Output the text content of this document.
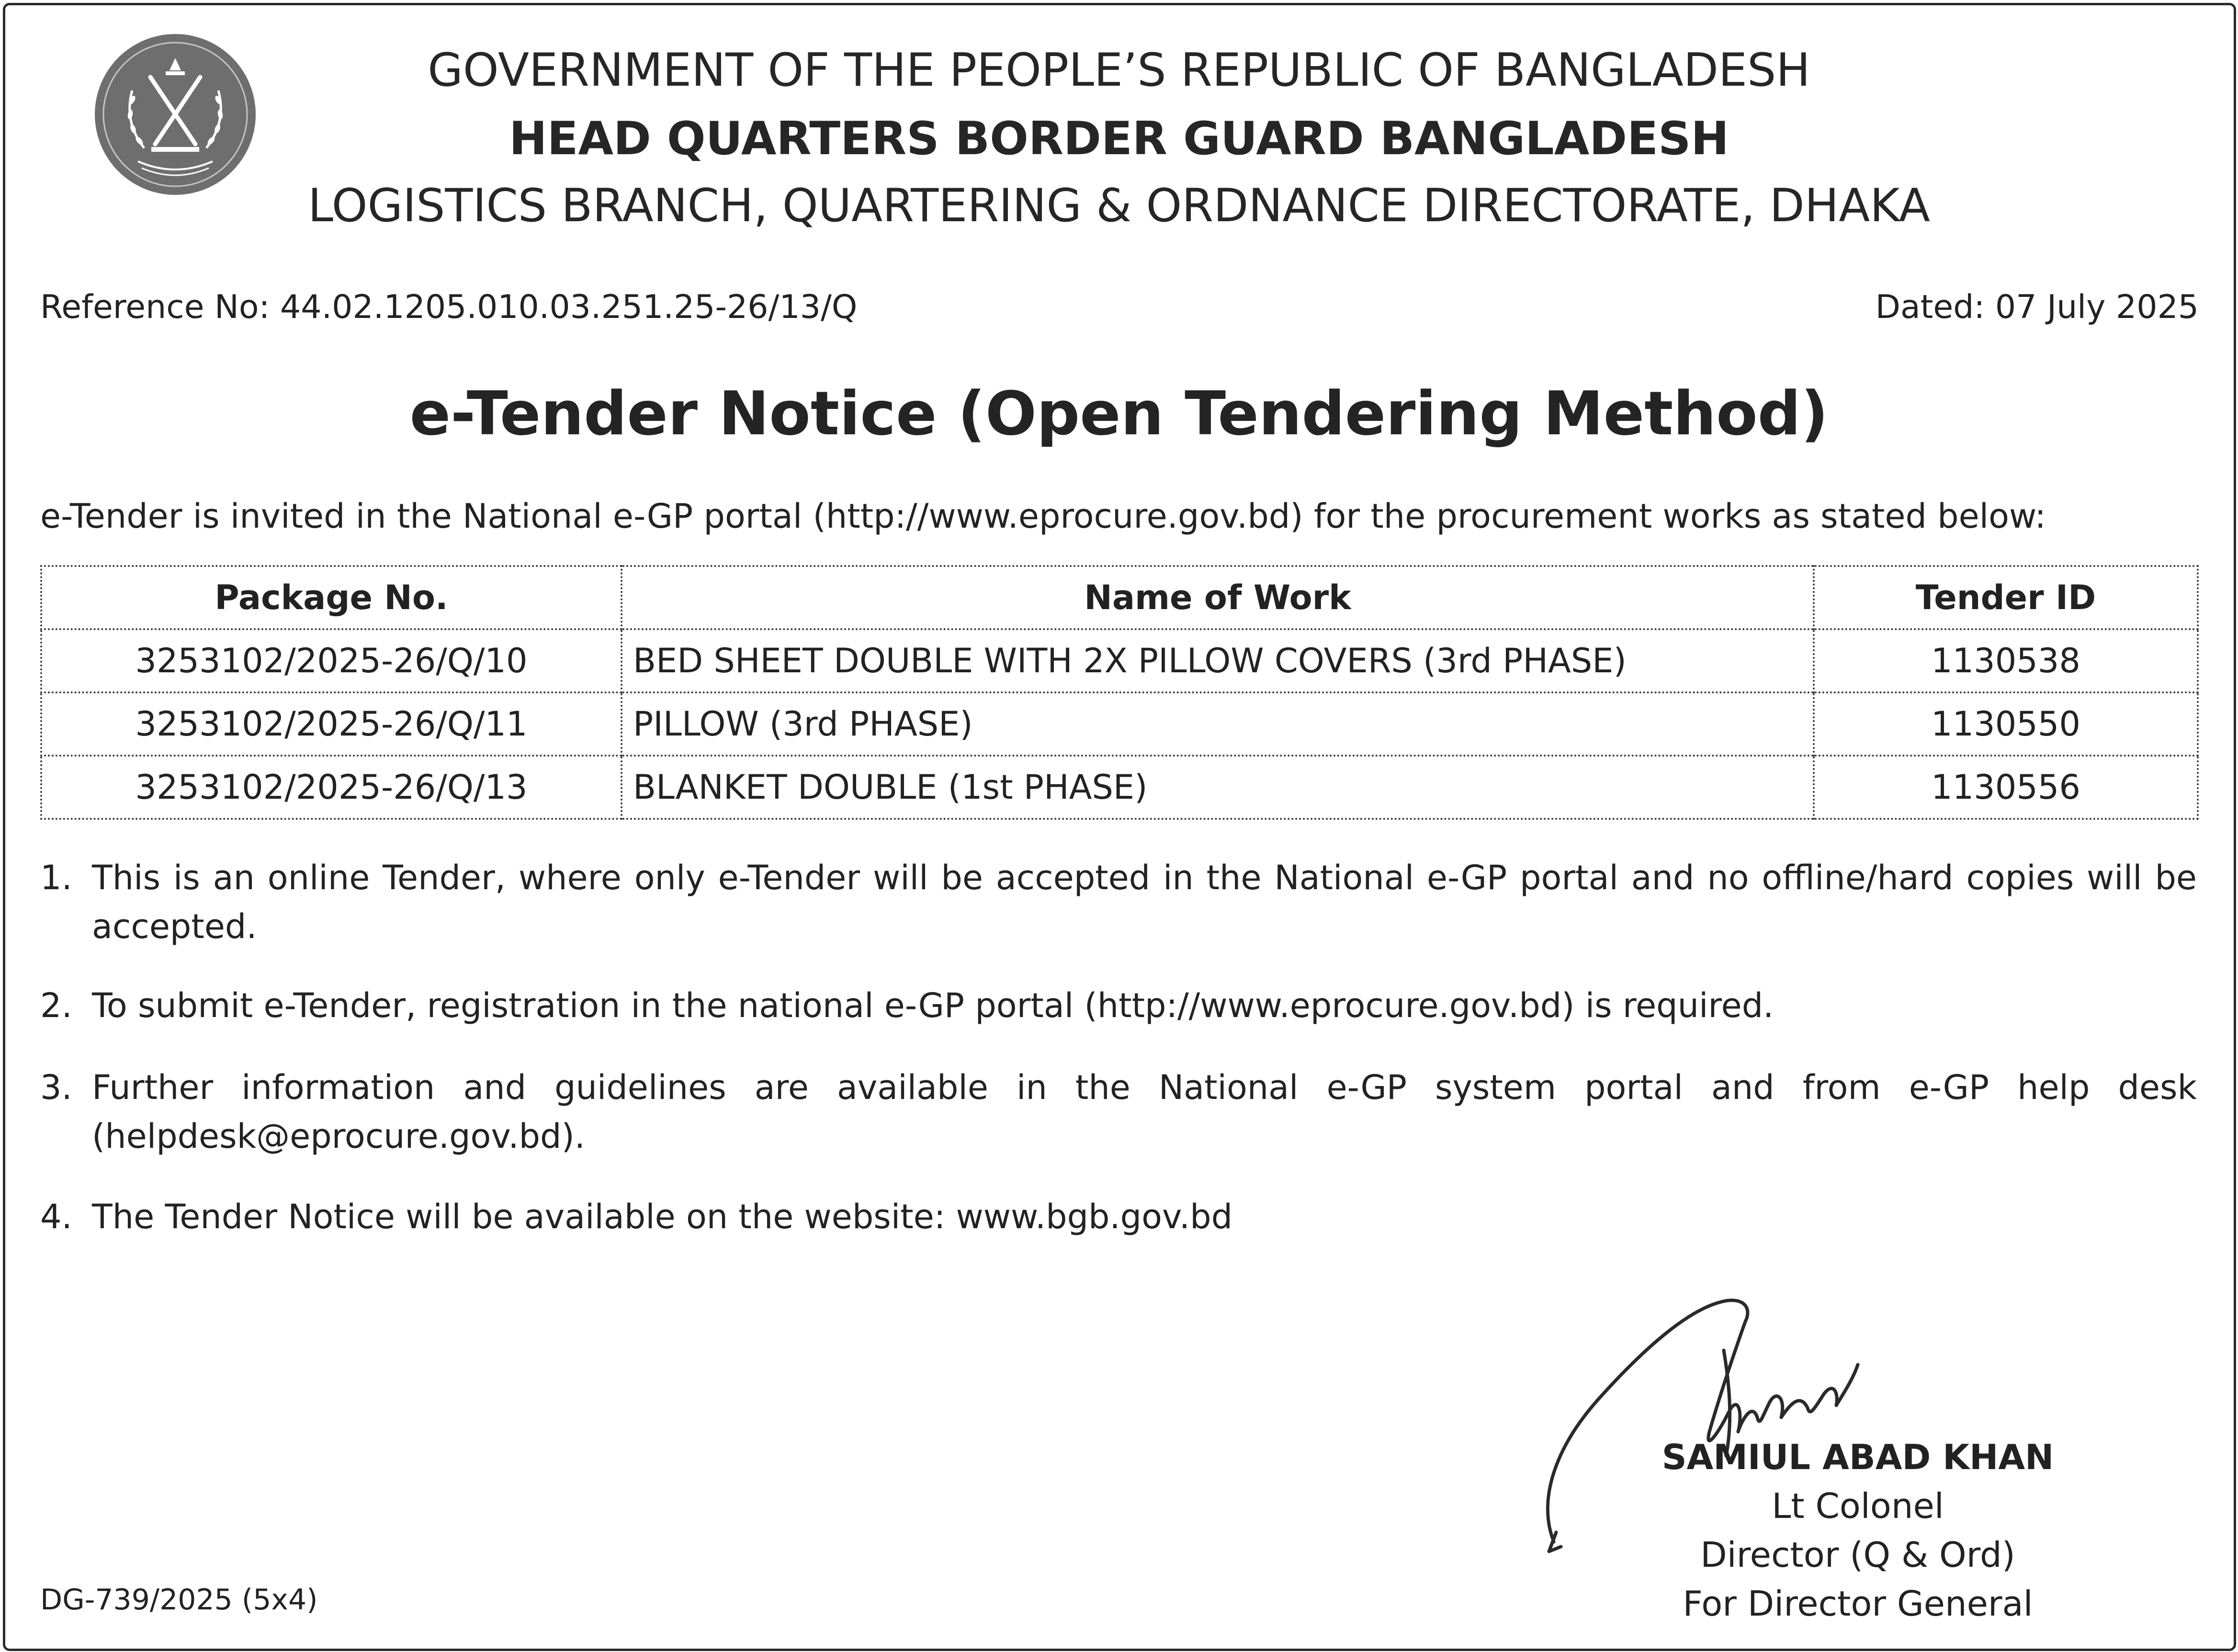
GOVERNMENT OF THE PEOPLE’S REPUBLIC OF BANGLADESH
HEAD QUARTERS BORDER GUARD BANGLADESH
LOGISTICS BRANCH, QUARTERING & ORDNANCE DIRECTORATE, DHAKA
Reference No: 44.02.1205.010.03.251.25-26/13/Q	Dated: 07 July 2025
e-Tender Notice (Open Tendering Method)
e-Tender is invited in the National e-GP portal (http://www.eprocure.gov.bd) for the procurement works as stated below:
Package No.	Name of Work	Tender ID
3253102/2025-26/Q/10	BED SHEET DOUBLE WITH 2X PILLOW COVERS (3rd PHASE)	1130538
3253102/2025-26/Q/11	PILLOW (3rd PHASE)	1130550
3253102/2025-26/Q/13	BLANKET DOUBLE (1st PHASE)	1130556
1. This is an online Tender, where only e-Tender will be accepted in the National e-GP portal and no offline/hard copies will be accepted.
2. To submit e-Tender, registration in the national e-GP portal (http://www.eprocure.gov.bd) is required.
3. Further information and guidelines are available in the National e-GP system portal and from e-GP help desk (helpdesk@eprocure.gov.bd).
4. The Tender Notice will be available on the website: www.bgb.gov.bd
SAMIUL ABAD KHAN
Lt Colonel
Director (Q & Ord)
For Director General
DG-739/2025 (5x4)
